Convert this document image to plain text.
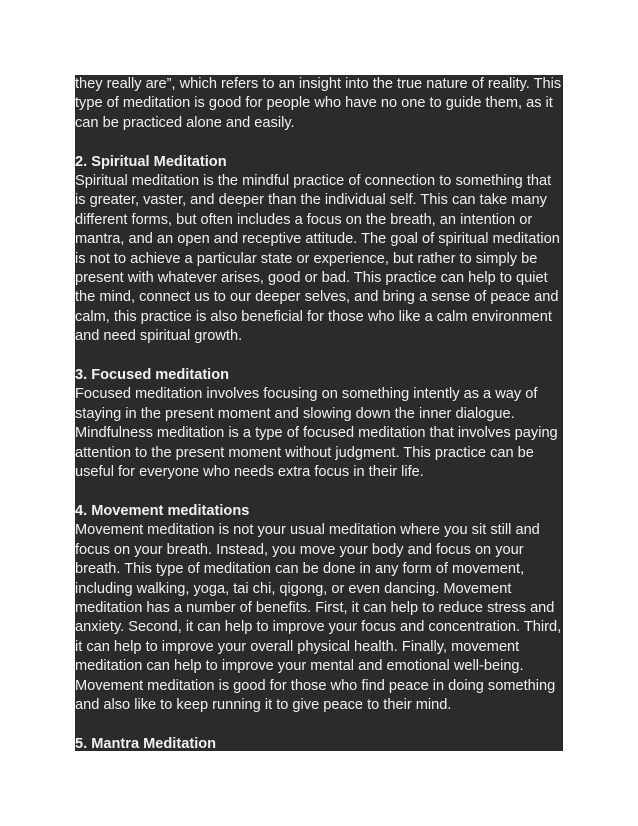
they really are”, which refers to an insight into the true nature of reality. This type of meditation is good for people who have no one to guide them, as it can be practiced alone and easily.

2. Spiritual Meditation

Spiritual meditation is the mindful practice of connection to something that is greater, vaster, and deeper than the individual self. This can take many different forms, but often includes a focus on the breath, an intention or mantra, and an open and receptive attitude. The goal of spiritual meditation is not to achieve a particular state or experience, but rather to simply be present with whatever arises, good or bad. This practice can help to quiet the mind, connect us to our deeper selves, and bring a sense of peace and calm, this practice is also beneficial for those who like a calm environment and need spiritual growth.

3. Focused meditation

Focused meditation involves focusing on something intently as a way of staying in the present moment and slowing down the inner dialogue. Mindfulness meditation is a type of focused meditation that involves paying attention to the present moment without judgment. This practice can be useful for everyone who needs extra focus in their life.

4. Movement meditations

Movement meditation is not your usual meditation where you sit still and focus on your breath. Instead, you move your body and focus on your breath. This type of meditation can be done in any form of movement, including walking, yoga, tai chi, qigong, or even dancing. Movement meditation has a number of benefits. First, it can help to reduce stress and anxiety. Second, it can help to improve your focus and concentration. Third, it can help to improve your overall physical health. Finally, movement meditation can help to improve your mental and emotional well-being. Movement meditation is good for those who find peace in doing something and also like to keep running it to give peace to their mind.

5. Mantra Meditation
